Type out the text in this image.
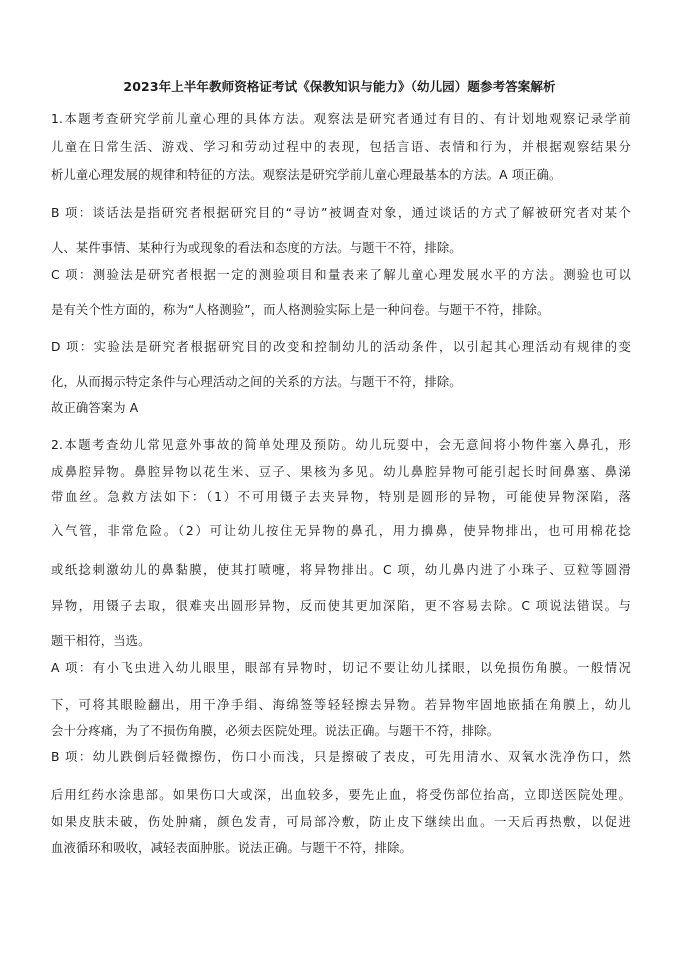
2023年上半年教师资格证考试《保教知识与能力》（幼儿园）题参考答案解析
1.本题考查研究学前儿童心理的具体方法。观察法是研究者通过有目的、有计划地观察记录学前
儿童在日常生活、游戏、学习和劳动过程中的表现，包括言语、表情和行为，并根据观察结果分
析儿童心理发展的规律和特征的方法。观察法是研究学前儿童心理最基本的方法。A 项正确。
B 项：谈话法是指研究者根据研究目的“寻访”被调查对象，通过谈话的方式了解被研究者对某个
人、某件事情、某种行为或现象的看法和态度的方法。与题干不符，排除。
C 项：测验法是研究者根据一定的测验项目和量表来了解儿童心理发展水平的方法。测验也可以
是有关个性方面的，称为“人格测验”，而人格测验实际上是一种问卷。与题干不符，排除。
D 项：实验法是研究者根据研究目的改变和控制幼儿的活动条件，以引起其心理活动有规律的变
化，从而揭示特定条件与心理活动之间的关系的方法。与题干不符，排除。
故正确答案为 A
2.本题考查幼儿常见意外事故的简单处理及预防。幼儿玩耍中，会无意间将小物件塞入鼻孔，形
成鼻腔异物。鼻腔异物以花生米、豆子、果核为多见。幼儿鼻腔异物可能引起长时间鼻塞、鼻涕
带血丝。急救方法如下：（1）不可用镊子去夹异物，特别是圆形的异物，可能使异物深陷，落
入气管，非常危险。（2）可让幼儿按住无异物的鼻孔，用力擤鼻，使异物排出，也可用棉花捻
或纸捻刺激幼儿的鼻黏膜，使其打喷嚏，将异物排出。C 项，幼儿鼻内进了小珠子、豆粒等圆滑
异物，用镊子去取，很难夹出圆形异物，反而使其更加深陷，更不容易去除。C 项说法错误。与
题干相符，当选。
A 项：有小飞虫进入幼儿眼里，眼部有异物时，切记不要让幼儿揉眼，以免损伤角膜。一般情况
下，可将其眼睑翻出，用干净手绢、海绵签等轻轻擦去异物。若异物牢固地嵌插在角膜上，幼儿
会十分疼痛，为了不损伤角膜，必须去医院处理。说法正确。与题干不符，排除。
B 项：幼儿跌倒后轻微擦伤，伤口小而浅，只是擦破了表皮，可先用清水、双氧水洗净伤口，然
后用红药水涂患部。如果伤口大或深，出血较多，要先止血，将受伤部位抬高，立即送医院处理。
如果皮肤未破，伤处肿痛，颜色发青，可局部冷敷，防止皮下继续出血。一天后再热敷，以促进
血液循环和吸收，减轻表面肿胀。说法正确。与题干不符，排除。
